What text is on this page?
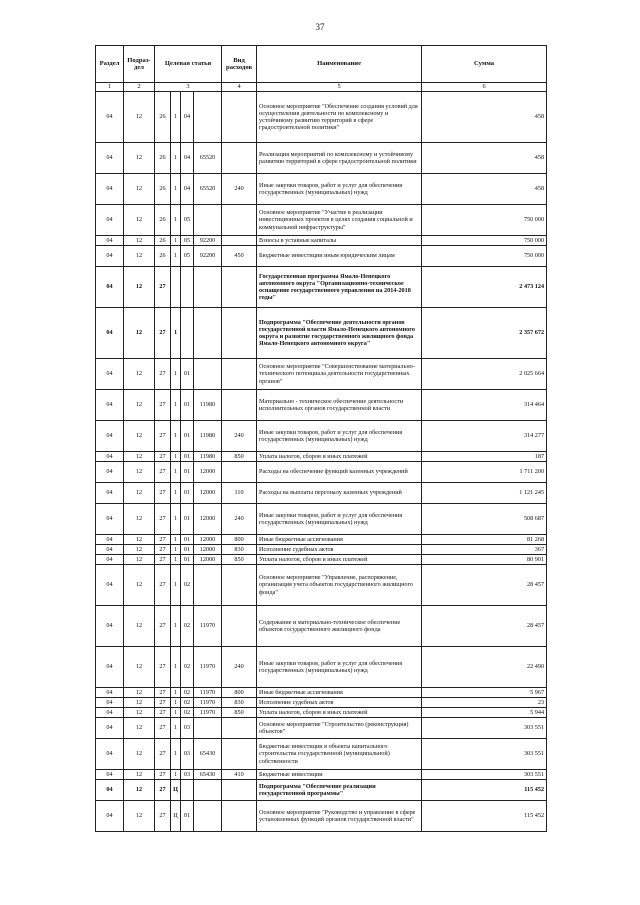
37
Раздел	Подраз-дел	Целевая статья				Вид расходов	Наименование	Сумма
1	2	3				4	5	6
04	12	26	1	04			Основное мероприятие "Обеспечение создания условий для осуществления деятельности по комплексному и устойчивому развитию территорий в сфере градостроительной политики"	458
04	12	26	1	04	65520		Реализация мероприятий по комплексному и устойчивому развитию территорий в сфере градостроительной политики	458
04	12	26	1	04	65520	240	Иные закупки товаров, работ и услуг для обеспечения государственных (муниципальных) нужд	458
04	12	26	1	05			Основное мероприятие "Участие в реализации инвестиционных проектов в целях создания социальной и коммунальной инфраструктуры"	750 000
04	12	26	1	05	92200		Взносы в уставные капиталы	750 000
04	12	26	1	05	92200	450	Бюджетные инвестиции иным юридическим лицам	750 000
04	12	27					Государственная программа Ямало-Ненецкого автономного округа "Организационно-техническое оснащение государственного управления на 2014-2018 годы"	2 473 124
04	12	27	1				Подпрограмма "Обеспечение деятельности органов государственной власти Ямало-Ненецкого автономного округа и развитие государственного жилищного фонда Ямало-Ненецкого автономного округа"	2 357 672
04	12	27	1	01			Основное мероприятие "Совершенствование материально-технического потенциала деятельности государственных органов"	2 025 664
04	12	27	1	01	11980		Материально - техническое обеспечение деятельности исполнительных органов государственной власти	314 464
04	12	27	1	01	11980	240	Иные закупки товаров, работ и услуг для обеспечения государственных (муниципальных) нужд	314 277
04	12	27	1	01	11980	850	Уплата налогов, сборов и иных платежей	187
04	12	27	1	01	12000		Расходы на обеспечение функций казенных учреждений	1 711 200
04	12	27	1	01	12000	110	Расходы на выплаты персоналу казенных учреждений	1 121 245
04	12	27	1	01	12000	240	Иные закупки товаров, работ и услуг для обеспечения государственных (муниципальных) нужд	508 687
04	12	27	1	01	12000	800	Иные бюджетные ассигнования	81 268
04	12	27	1	01	12000	830	Исполнение судебных актов	367
04	12	27	1	01	12000	850	Уплата налогов, сборов и иных платежей	80 901
04	12	27	1	02			Основное мероприятие "Управление, распоряжение, организация учета объектов государственного жилищного фонда"	28 457
04	12	27	1	02	11970		Содержание и материально-техническое обеспечение объектов государственного жилищного фонда	28 457
04	12	27	1	02	11970	240	Иные закупки товаров, работ и услуг для обеспечения государственных (муниципальных) нужд	22 490
04	12	27	1	02	11970	800	Иные бюджетные ассигнования	5 967
04	12	27	1	02	11970	830	Исполнение судебных актов	23
04	12	27	1	02	11970	850	Уплата налогов, сборов и иных платежей	5 944
04	12	27	1	03			Основное мероприятие "Строительство (реконструкция) объектов"	303 551
04	12	27	1	03	65430		Бюджетные инвестиции в объекты капитального строительства государственной (муниципальной) собственности	303 551
04	12	27	1	03	65430	410	Бюджетные инвестиции	303 551
04	12	27	Ц				Подпрограмма "Обеспечение реализации государственной программы"	115 452
04	12	27	Ц	01			Основное мероприятие "Руководство и управление в сфере установленных функций органов государственной власти"	115 452
